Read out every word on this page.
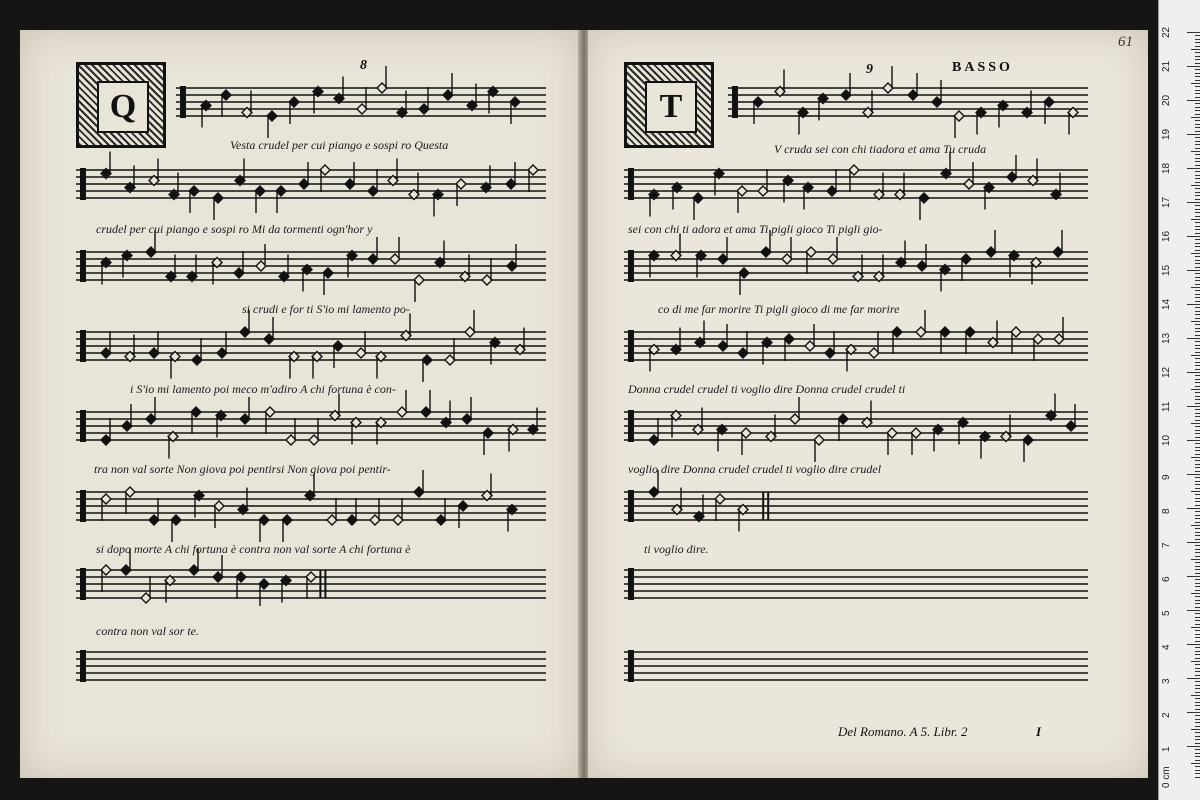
Q
8
Vesta crudel per cui piango e sospi ro Questa
crudel per cui piango e sospi ro Mi da tormenti ogn'hor y
si crudi e for ti S'io mi lamento po-
i S'io mi lamento poi meco m'adiro A chi fortuna è con-
tra non val sorte Non giova poi pentirsi Non giova poi pentir-
si dopo morte A chi fortuna è contra non val sorte A chi fortuna è
contra non val sor te.
T
9	BASSO
61
V cruda sei con chi tiadora et ama Tu cruda
sei con chi ti adora et ama Ti pigli gioco Ti pigli gio-
co di me far morire Ti pigli gioco di me far morire
Donna crudel crudel ti voglio dire Donna crudel crudel ti
voglio dire Donna crudel crudel ti voglio dire crudel
ti voglio dire.
Del Romano. A 5. Libr. 2	I
0 cm
1
2
3
4
5
6
7
8
9
10
11
12
13
14
15
16
17
18
19
20
21
22
